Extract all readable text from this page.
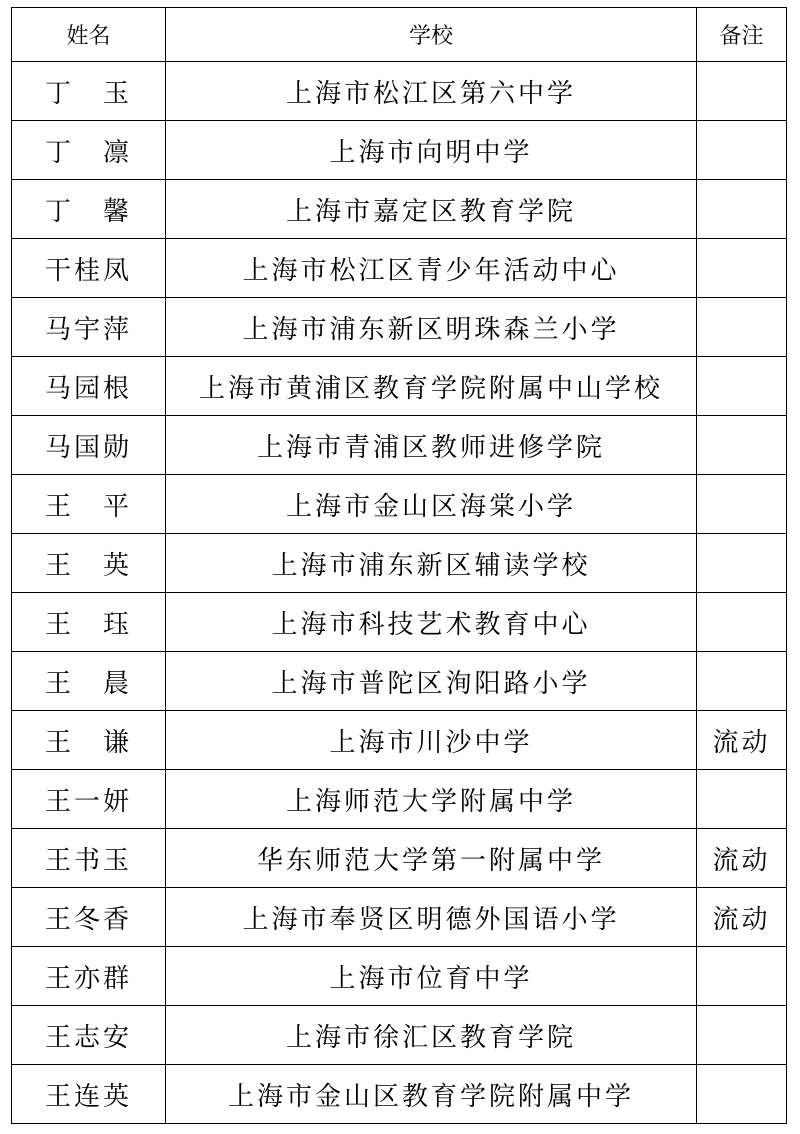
姓名	学校	备注
丁　玉	上海市松江区第六中学	
丁　凛	上海市向明中学	
丁　馨	上海市嘉定区教育学院	
干桂凤	上海市松江区青少年活动中心	
马宇萍	上海市浦东新区明珠森兰小学	
马园根	上海市黄浦区教育学院附属中山学校	
马国勋	上海市青浦区教师进修学院	
王　平	上海市金山区海棠小学	
王　英	上海市浦东新区辅读学校	
王　珏	上海市科技艺术教育中心	
王　晨	上海市普陀区洵阳路小学	
王　谦	上海市川沙中学	流动
王一妍	上海师范大学附属中学	
王书玉	华东师范大学第一附属中学	流动
王冬香	上海市奉贤区明德外国语小学	流动
王亦群	上海市位育中学	
王志安	上海市徐汇区教育学院	
王连英	上海市金山区教育学院附属中学	
